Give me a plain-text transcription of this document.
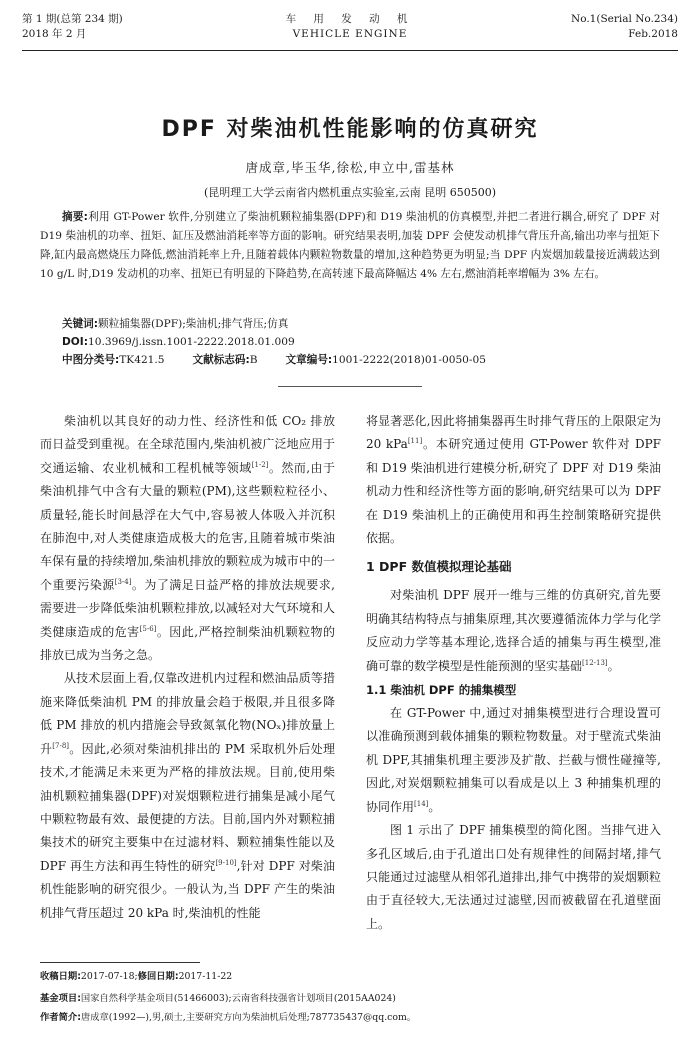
第 1 期(总第 234 期)
2018 年 2 月
车 用 发 动 机
VEHICLE ENGINE
No.1(Serial No.234)
Feb.2018
DPF 对柴油机性能影响的仿真研究
唐成章,毕玉华,徐松,申立中,雷基林
(昆明理工大学云南省内燃机重点实验室,云南 昆明 650500)
摘要:利用 GT-Power 软件,分别建立了柴油机颗粒捕集器(DPF)和 D19 柴油机的仿真模型,并把二者进行耦合,研究了 DPF 对 D19 柴油机的功率、扭矩、缸压及燃油消耗率等方面的影响。研究结果表明,加装 DPF 会使发动机排气背压升高,输出功率与扭矩下降,缸内最高燃烧压力降低,燃油消耗率上升,且随着载体内颗粒物数量的增加,这种趋势更为明显;当 DPF 内炭烟加载量接近满载达到 10 g/L 时,D19 发动机的功率、扭矩已有明显的下降趋势,在高转速下最高降幅达 4% 左右,燃油消耗率增幅为 3% 左右。
关键词:颗粒捕集器(DPF);柴油机;排气背压;仿真
DOI:10.3969/j.issn.1001-2222.2018.01.009
中图分类号:TK421.5	文献标志码:B	文章编号:1001-2222(2018)01-0050-05

柴油机以其良好的动力性、经济性和低 CO₂ 排放而日益受到重视。在全球范围内,柴油机被广泛地应用于交通运输、农业机械和工程机械等领域[1-2]。然而,由于柴油机排气中含有大量的颗粒(PM),这些颗粒粒径小、质量轻,能长时间悬浮在大气中,容易被人体吸入并沉积在肺泡中,对人类健康造成极大的危害,且随着城市柴油车保有量的持续增加,柴油机排放的颗粒成为城市中的一个重要污染源[3-4]。为了满足日益严格的排放法规要求,需要进一步降低柴油机颗粒排放,以减轻对大气环境和人类健康造成的危害[5-6]。因此,严格控制柴油机颗粒物的排放已成为当务之急。

从技术层面上看,仅靠改进机内过程和燃油品质等措施来降低柴油机 PM 的排放量会趋于极限,并且很多降低 PM 排放的机内措施会导致氮氧化物(NOₓ)排放量上升[7-8]。因此,必须对柴油机排出的 PM 采取机外后处理技术,才能满足未来更为严格的排放法规。目前,使用柴油机颗粒捕集器(DPF)对炭烟颗粒进行捕集是减小尾气中颗粒物最有效、最便捷的方法。目前,国内外对颗粒捕集技术的研究主要集中在过滤材料、颗粒捕集性能以及 DPF 再生方法和再生特性的研究[9-10],针对 DPF 对柴油机性能影响的研究很少。一般认为,当 DPF 产生的柴油机排气背压超过 20 kPa 时,柴油机的性能

将显著恶化,因此将捕集器再生时排气背压的上限限定为 20 kPa[11]。本研究通过使用 GT-Power 软件对 DPF 和 D19 柴油机进行建模分析,研究了 DPF 对 D19 柴油机动力性和经济性等方面的影响,研究结果可以为 DPF 在 D19 柴油机上的正确使用和再生控制策略研究提供依据。

1 DPF 数值模拟理论基础

对柴油机 DPF 展开一维与三维的仿真研究,首先要明确其结构特点与捕集原理,其次要遵循流体力学与化学反应动力学等基本理论,选择合适的捕集与再生模型,准确可靠的数学模型是性能预测的坚实基础[12-13]。

1.1 柴油机 DPF 的捕集模型

在 GT-Power 中,通过对捕集模型进行合理设置可以准确预测到载体捕集的颗粒物数量。对于壁流式柴油机 DPF,其捕集机理主要涉及扩散、拦截与惯性碰撞等,因此,对炭烟颗粒捕集可以看成是以上 3 种捕集机理的协同作用[14]。

图 1 示出了 DPF 捕集模型的简化图。当排气进入多孔区域后,由于孔道出口处有规律性的间隔封堵,排气只能通过过滤壁从相邻孔道排出,排气中携带的炭烟颗粒由于直径较大,无法通过过滤壁,因而被截留在孔道壁面上。

收稿日期:2017-07-18;修回日期:2017-11-22
基金项目:国家自然科学基金项目(51466003);云南省科技强省计划项目(2015AA024)
作者简介:唐成章(1992—),男,硕士,主要研究方向为柴油机后处理;787735437@qq.com。
